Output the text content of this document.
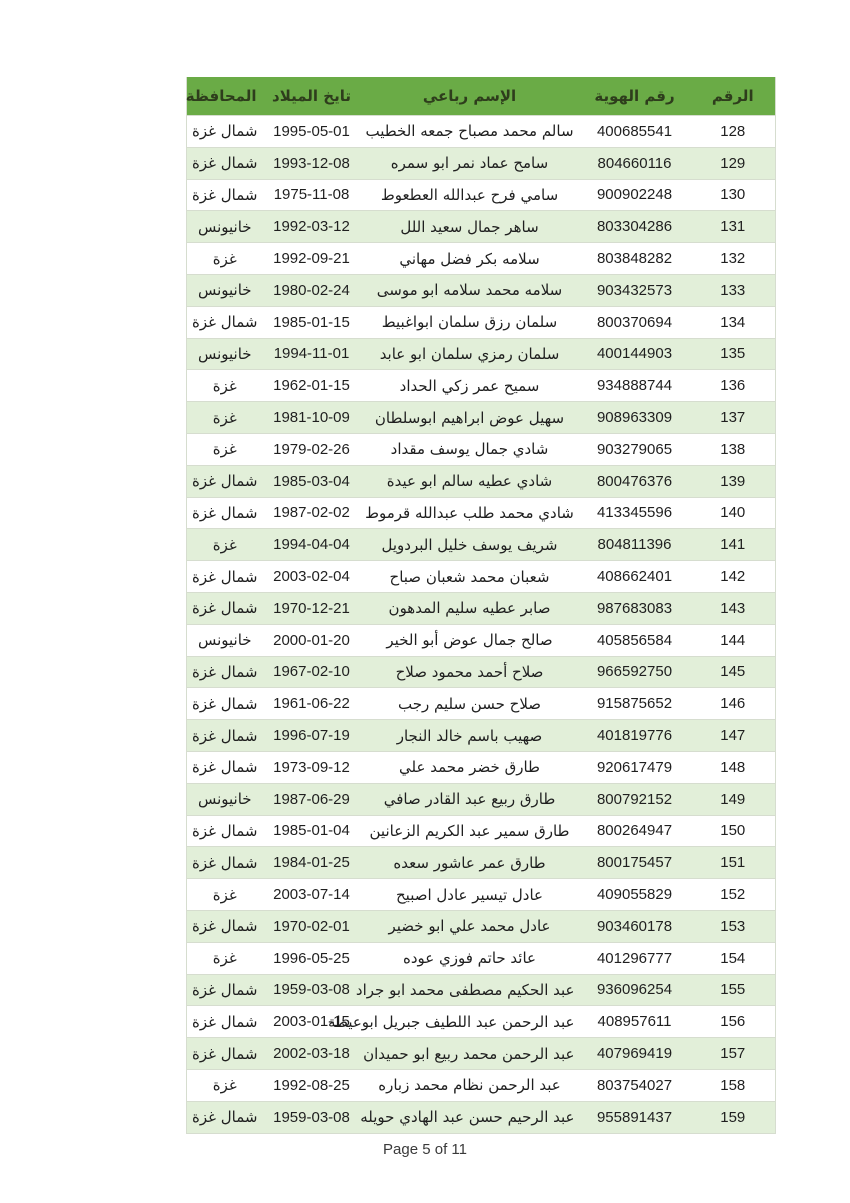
الرقم	رقم الهوية	الإسم رباعي	تايخ الميلاد	المحافظة
128	400685541	سالم محمد مصباح جمعه الخطيب	1995-05-01	شمال غزة
129	804660116	سامح عماد نمر ابو سمره	1993-12-08	شمال غزة
130	900902248	سامي فرح عبدالله العطعوط	1975-11-08	شمال غزة
131	803304286	ساهر جمال سعيد اللل	1992-03-12	خانيونس
132	803848282	سلامه بكر فضل مهاني	1992-09-21	غزة
133	903432573	سلامه محمد سلامه ابو موسى	1980-02-24	خانيونس
134	800370694	سلمان رزق سلمان ابواغبيط	1985-01-15	شمال غزة
135	400144903	سلمان رمزي سلمان ابو عابد	1994-11-01	خانيونس
136	934888744	سميح عمر زكي الحداد	1962-01-15	غزة
137	908963309	سهيل عوض ابراهيم ابوسلطان	1981-10-09	غزة
138	903279065	شادي جمال يوسف مقداد	1979-02-26	غزة
139	800476376	شادي عطيه سالم ابو عيدة	1985-03-04	شمال غزة
140	413345596	شادي محمد طلب عبدالله قرموط	1987-02-02	شمال غزة
141	804811396	شريف يوسف خليل البردويل	1994-04-04	غزة
142	408662401	شعبان محمد شعبان صباح	2003-02-04	شمال غزة
143	987683083	صابر عطيه سليم المدهون	1970-12-21	شمال غزة
144	405856584	صالح جمال عوض أبو الخير	2000-01-20	خانيونس
145	966592750	صلاح أحمد محمود صلاح	1967-02-10	شمال غزة
146	915875652	صلاح حسن سليم رجب	1961-06-22	شمال غزة
147	401819776	صهيب باسم خالد النجار	1996-07-19	شمال غزة
148	920617479	طارق خضر محمد علي	1973-09-12	شمال غزة
149	800792152	طارق ربيع عبد القادر صافي	1987-06-29	خانيونس
150	800264947	طارق سمير عبد الكريم الزعانين	1985-01-04	شمال غزة
151	800175457	طارق عمر عاشور سعده	1984-01-25	شمال غزة
152	409055829	عادل تيسير عادل اصبيح	2003-07-14	غزة
153	903460178	عادل محمد علي ابو خضير	1970-02-01	شمال غزة
154	401296777	عائد حاتم فوزي عوده	1996-05-25	غزة
155	936096254	عبد الحكيم مصطفى محمد ابو جراد	1959-03-08	شمال غزة
156	408957611	عبد الرحمن عبد اللطيف جبريل ابوعيطة	2003-01-15	شمال غزة
157	407969419	عبد الرحمن محمد ربيع ابو حميدان	2002-03-18	شمال غزة
158	803754027	عبد الرحمن نظام محمد زباره	1992-08-25	غزة
159	955891437	عبد الرحيم حسن عبد الهادي حويله	1959-03-08	شمال غزة
Page 5 of 11
